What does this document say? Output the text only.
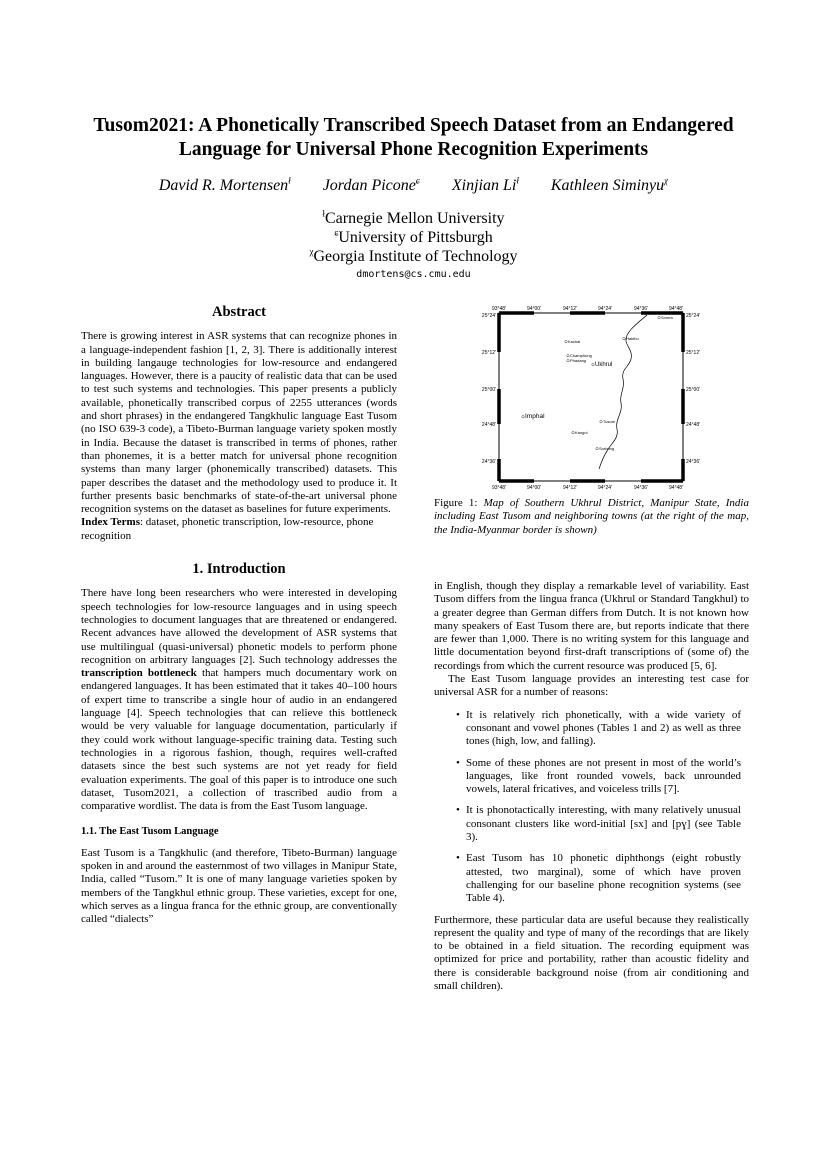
Tusom2021: A Phonetically Transcribed Speech Dataset from an Endangered
Language for Universal Phone Recognition Experiments
David R. Mortensen$^ł$ Jordan Picone$^ɕ$ Xinjian $Li^ł$ Kathleen Siminyu$^\chi$
$^ł$Carnegie Mellon University
$^ɕ$University of Pittsburgh
$^\chi$Georgia Institute of Technology
dmortens@cs.cmu.edu
Abstract

There is growing interest in ASR systems that can recognize phones in a language-independent fashion [1, 2, 3]. There is additionally interest in building langauge technologies for low-resource and endangered languages. However, there is a paucity of realistic data that can be used to test such systems and technologies. This paper presents a publicly available, phonetically transcribed corpus of 2255 utterances (words and short phrases) in the endangered Tangkhulic language East Tusom (no ISO 639-3 code), a Tibeto-Burman language variety spoken mostly in India. Because the dataset is transcribed in terms of phones, rather than phonemes, it is a better match for universal phone recognition systems than many larger (phonemically transcribed) datasets. This paper describes the dataset and the methodology used to produce it. It further presents basic benchmarks of state-of-the-art universal phone recognition systems on the dataset as baselines for future experiments.

Index Terms: dataset, phonetic transcription, low-resource, phone recognition

1. Introduction

There have long been researchers who were interested in developing speech technologies for low-resource languages and in using speech technologies to document languages that are threatened or endangered. Recent advances have allowed the development of ASR systems that use multilingual (quasi-universal) phonetic models to perform phone recognition on arbitrary languages [2]. Such technology addresses the transcription bottleneck that hampers much documentary work on endangered languages. It has been estimated that it takes 40–100 hours of expert time to transcribe a single hour of audio in an endangered language [4]. Speech technologies that can relieve this bottleneck would be very valuable for language documentation, particularly if they could work without language-specific training data. Testing such technologies in a rigorous fashion, though, requires well-crafted datasets since the best such systems are not yet ready for field evaluation experiments. The goal of this paper is to introduce one such dataset, Tusom2021, a collection of trascribed audio from a comparative wordlist. The data is from the East Tusom language.

1.1. The East Tusom Language

East Tusom is a Tangkhulic (and therefore, Tibeto-Burman) language spoken in and around the easternmost of two villages in Manipur State, India, called “Tusom.” It is one of many language varieties spoken by members of the Tangkhul ethnic group. These varieties, except for one, which serves as a lingua franca for the ethnic group, are conventionally called “dialects”

93°48'	94°00'	94°12'	94°24'	94°36'	94°48'
93°48'	94°00'	94°12'	94°24'	94°36'	94°48'
25°24'
25°12'
25°00'
24°48'
24°36'
25°24'
25°12'
25°00'
24°48'
24°36'
Kachai
Hakthu
Somra
Champhung
Phadang
Ukhrul
Imphal
Tusom
Kangoi
Sorbung
Figure 1: Map of Southern Ukhrul District, Manipur State, India including East Tusom and neighboring towns (at the right of the map, the India-Myanmar border is shown)

in English, though they display a remarkable level of variability. East Tusom differs from the lingua franca (Ukhrul or Standard Tangkhul) to a greater degree than German differs from Dutch. It is not known how many speakers of East Tusom there are, but reports indicate that there are fewer than 1,000. There is no writing system for this language and little documentation beyond first-draft transcriptions of (some of) the recordings from which the current resource was produced [5, 6].

The East Tusom language provides an interesting test case for universal ASR for a number of reasons:

• It is relatively rich phonetically, with a wide variety of consonant and vowel phones (Tables 1 and 2) as well as three tones (high, low, and falling).
• Some of these phones are not present in most of the world’s languages, like front rounded vowels, back unrounded vowels, lateral fricatives, and voiceless trills [7].
• It is phonotactically interesting, with many relatively unusual consonant clusters like word-initial [sx] and [pɣ] (see Table 3).
• East Tusom has 10 phonetic diphthongs (eight robustly attested, two marginal), some of which have proven challenging for our baseline phone recognition systems (see Table 4).

Furthermore, these particular data are useful because they realistically represent the quality and type of many of the recordings that are likely to be obtained in a field situation. The recording equipment was optimized for price and portability, rather than acoustic fidelity and there is considerable background noise (from air conditioning and small children).
